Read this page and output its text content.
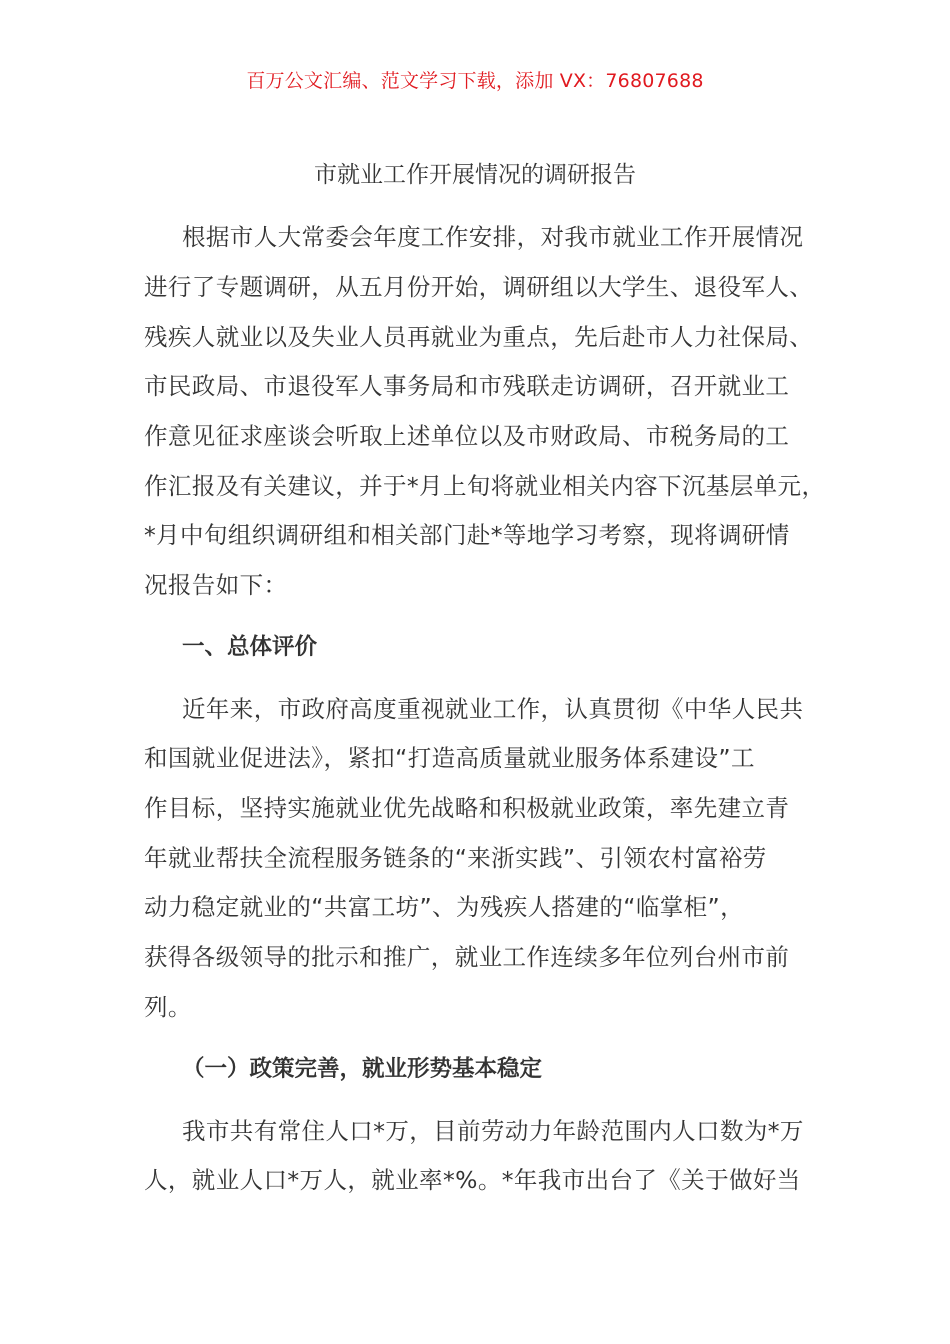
百万公文汇编、范文学习下载，添加 VX：76807688
市就业工作开展情况的调研报告
根据市人大常委会年度工作安排，对我市就业工作开展情况
进行了专题调研，从五月份开始，调研组以大学生、退役军人、
残疾人就业以及失业人员再就业为重点，先后赴市人力社保局、
市民政局、市退役军人事务局和市残联走访调研，召开就业工
作意见征求座谈会听取上述单位以及市财政局、市税务局的工
作汇报及有关建议，并于*月上旬将就业相关内容下沉基层单元，
*月中旬组织调研组和相关部门赴*等地学习考察，现将调研情
况报告如下：
一、总体评价
近年来，市政府高度重视就业工作，认真贯彻《中华人民共
和国就业促进法》，紧扣“打造高质量就业服务体系建设”工
作目标，坚持实施就业优先战略和积极就业政策，率先建立青
年就业帮扶全流程服务链条的“来浙实践”、引领农村富裕劳
动力稳定就业的“共富工坊”、为残疾人搭建的“临掌柜”，
获得各级领导的批示和推广，就业工作连续多年位列台州市前
列。
（一）政策完善，就业形势基本稳定
我市共有常住人口*万，目前劳动力年龄范围内人口数为*万
人，就业人口*万人，就业率*%。*年我市出台了《关于做好当
